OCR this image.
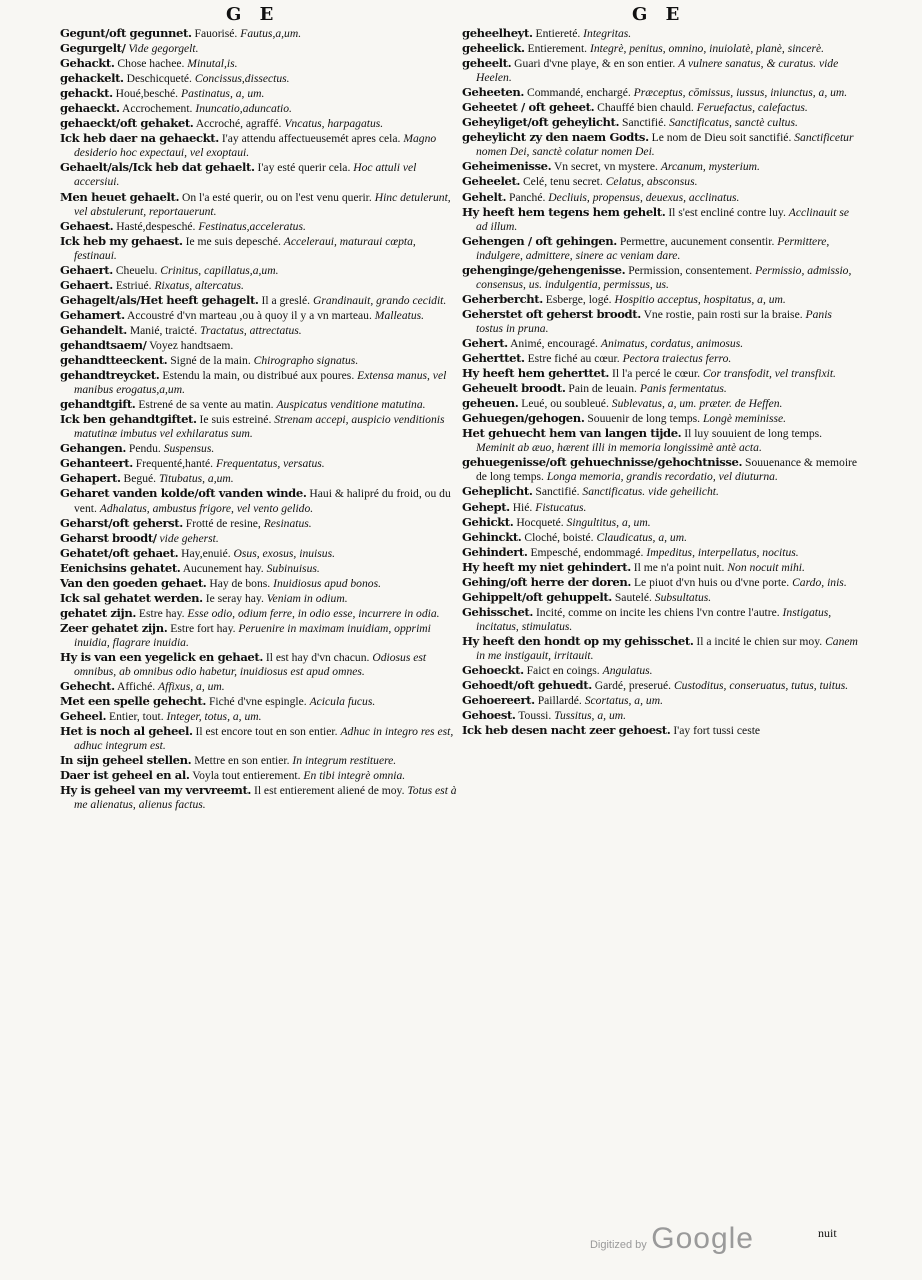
G E	G E

Gegunt/oft gegunnet. Fauorisé. Fautus,a,um.

Gegurgelt/ Vide gegorgelt.

Gehackt. Chose hachee. Minutal,is.

gehackelt. Deschicqueté. Concissus,dissectus.

gehackt. Houé,besché. Pastinatus, a, um.

gehaeckt. Accrochement. Inuncatio,aduncatio.

gehaeckt/oft gehaket. Accroché, agraffé. Vncatus, harpagatus.

Ick heb daer na gehaeckt. I'ay attendu affectueusemét apres cela. Magno desiderio hoc expectaui, vel exoptaui.

Gehaelt/als/Ick heb dat gehaelt. I'ay esté querir cela. Hoc attuli vel accersiui.

Men heuet gehaelt. On l'a esté querir, ou on l'est venu querir. Hinc detulerunt, vel abstulerunt, reportauerunt.

Gehaest. Hasté,despesché. Festinatus,acceleratus.

Ick heb my gehaest. Ie me suis depesché. Acceleraui, maturaui cœpta, festinaui.

Gehaert. Cheuelu. Crinitus, capillatus,a,um.

Gehaert. Estriué. Rixatus, altercatus.

Gehagelt/als/Het heeft gehagelt. Il a greslé. Grandinauit, grando cecidit.

Gehamert. Accoustré d'vn marteau ,ou à quoy il y a vn marteau. Malleatus.

Gehandelt. Manié, traicté. Tractatus, attrectatus.

gehandtsaem/ Voyez handtsaem.

gehandtteeckent. Signé de la main. Chirographo signatus.

gehandtreycket. Estendu la main, ou distribué aux poures. Extensa manus, vel manibus erogatus,a,um.

gehandtgift. Estrené de sa vente au matin. Auspicatus venditione matutina.

Ick ben gehandtgiftet. Ie suis estreiné. Strenam accepi, auspicio venditionis matutinæ imbutus vel exhilaratus sum.

Gehangen. Pendu. Suspensus.

Gehanteert. Frequenté,hanté. Frequentatus, versatus.

Gehapert. Begué. Titubatus, a,um.

Geharet vanden kolde/oft vanden winde. Haui & halipré du froid, ou du vent. Adhalatus, ambustus frigore, vel vento gelido.

Geharst/oft geherst. Frotté de resine, Resinatus.

Geharst broodt/ vide geherst.

Gehatet/oft gehaet. Hay,enuié. Osus, exosus, inuisus.

Eenichsins gehatet. Aucunement hay. Subinuisus.

Van den goeden gehaet. Hay de bons. Inuidiosus apud bonos.

Ick sal gehatet werden. Ie seray hay. Veniam in odium.

gehatet zijn. Estre hay. Esse odio, odium ferre, in odio esse, incurrere in odia.

Zeer gehatet zijn. Estre fort hay. Peruenire in maximam inuidiam, opprimi inuidia, flagrare inuidia.

Hy is van een yegelick en gehaet. Il est hay d'vn chacun. Odiosus est omnibus, ab omnibus odio habetur, inuidiosus est apud omnes.

Gehecht. Affiché. Affixus, a, um.

Met een spelle gehecht. Fiché d'vne espingle. Acicula fucus.

Geheel. Entier, tout. Integer, totus, a, um.

Het is noch al geheel. Il est encore tout en son entier. Adhuc in integro res est, adhuc integrum est.

In sijn geheel stellen. Mettre en son entier. In integrum restituere.

Daer ist geheel en al. Voyla tout entierement. En tibi integrè omnia.

Hy is geheel van my vervreemt. Il est entierement aliené de moy. Totus est à me alienatus, alienus factus.

geheelheyt. Entiereté. Integritas.

geheelick. Entierement. Integrè, penitus, omnino, inuiolatè, planè, sincerè.

geheelt. Guari d'vne playe, & en son entier. A vulnere sanatus, & curatus. vide Heelen.

Geheeten. Commandé, enchargé. Præceptus, cōmissus, iussus, iniunctus, a, um.

Geheetet / oft geheet. Chauffé bien chauld. Feruefactus, calefactus.

Geheyliget/oft geheylicht. Sanctifié. Sanctificatus, sanctè cultus.

geheylicht zy den naem Godts. Le nom de Dieu soit sanctifié. Sanctificetur nomen Dei, sanctè colatur nomen Dei.

Geheimenisse. Vn secret, vn mystere. Arcanum, mysterium.

Geheelet. Celé, tenu secret. Celatus, absconsus.

Gehelt. Panché. Decliuis, propensus, deuexus, acclinatus.

Hy heeft hem tegens hem gehelt. Il s'est encliné contre luy. Acclinauit se ad illum.

Gehengen / oft gehingen. Permettre, aucunement consentir. Permittere, indulgere, admittere, sinere ac veniam dare.

gehenginge/gehengenisse. Permission, consentement. Permissio, admissio, consensus, us. indulgentia, permissus, us.

Geherbercht. Esberge, logé. Hospitio acceptus, hospitatus, a, um.

Geherstet oft geherst broodt. Vne rostie, pain rosti sur la braise. Panis tostus in pruna.

Gehert. Animé, encouragé. Animatus, cordatus, animosus.

Geherttet. Estre fiché au cœur. Pectora traiectus ferro.

Hy heeft hem geherttet. Il l'a percé le cœur. Cor transfodit, vel transfixit.

Geheuelt broodt. Pain de leuain. Panis fermentatus.

geheuen. Leué, ou soubleué. Sublevatus, a, um. præter. de Heffen.

Gehuegen/gehogen. Souuenir de long temps. Longè meminisse.

Het gehuecht hem van langen tijde. Il luy souuient de long temps. Meminit ab æuo, hærent illi in memoria longissimè antè acta.

gehuegenisse/oft gehuechnisse/gehochtnisse. Souuenance & memoire de long temps. Longa memoria, grandis recordatio, vel diuturna.

Geheplicht. Sanctifié. Sanctificatus. vide geheilicht.

Gehept. Hié. Fistucatus.

Gehickt. Hocqueté. Singultitus, a, um.

Gehinckt. Cloché, boisté. Claudicatus, a, um.

Gehindert. Empesché, endommagé. Impeditus, interpellatus, nocitus.

Hy heeft my niet gehindert. Il me n'a point nuit. Non nocuit mihi.

Gehing/oft herre der doren. Le piuot d'vn huis ou d'vne porte. Cardo, inis.

Gehippelt/oft gehuppelt. Sautelé. Subsultatus.

Gehisschet. Incité, comme on incite les chiens l'vn contre l'autre. Instigatus, incitatus, stimulatus.

Hy heeft den hondt op my gehisschet. Il a incité le chien sur moy. Canem in me instigauit, irritauit.

Gehoeckt. Faict en coings. Angulatus.

Gehoedt/oft gehuedt. Gardé, preserué. Custoditus, conseruatus, tutus, tuitus.

Gehoereert. Paillardé. Scortatus, a, um.

Gehoest. Toussi. Tussitus, a, um.

Ick heb desen nacht zeer gehoest. I'ay fort tussi ceste

nuit
Digitized by Google
